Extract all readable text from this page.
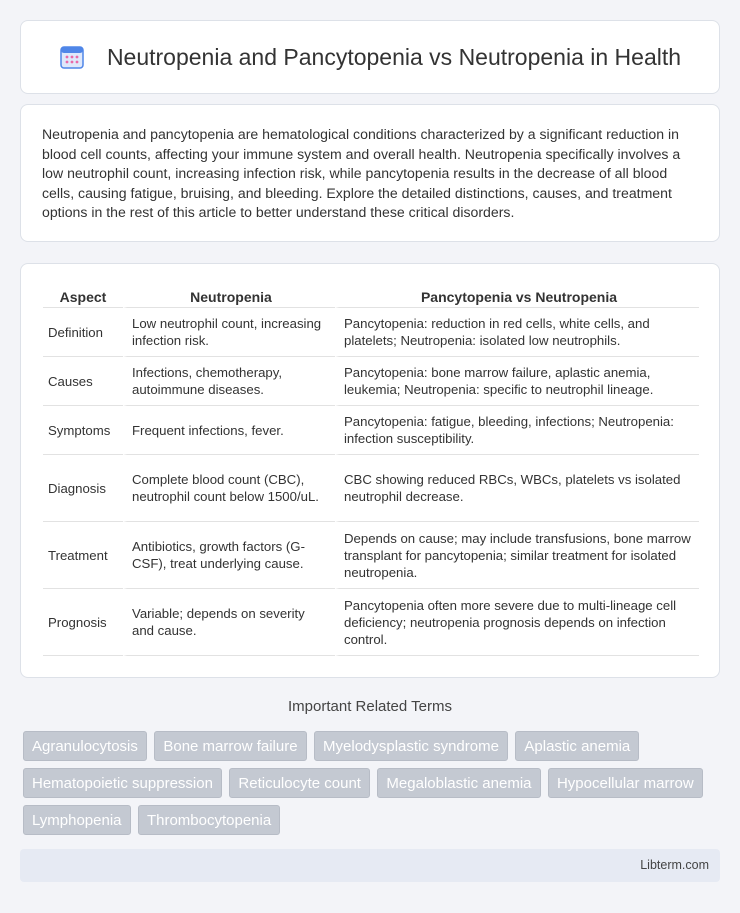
Neutropenia and Pancytopenia vs Neutropenia in Health

Neutropenia and pancytopenia are hematological conditions characterized by a significant reduction in blood cell counts, affecting your immune system and overall health. Neutropenia specifically involves a low neutrophil count, increasing infection risk, while pancytopenia results in the decrease of all blood cells, causing fatigue, bruising, and bleeding. Explore the detailed distinctions, causes, and treatment options in the rest of this article to better understand these critical disorders.

Aspect	Neutropenia	Pancytopenia vs Neutropenia
Definition	Low neutrophil count, increasing infection risk.	Pancytopenia: reduction in red cells, white cells, and platelets; Neutropenia: isolated low neutrophils.
Causes	Infections, chemotherapy, autoimmune diseases.	Pancytopenia: bone marrow failure, aplastic anemia, leukemia; Neutropenia: specific to neutrophil lineage.
Symptoms	Frequent infections, fever.	Pancytopenia: fatigue, bleeding, infections; Neutropenia: infection susceptibility.
Diagnosis	Complete blood count (CBC), neutrophil count below 1500/uL.	CBC showing reduced RBCs, WBCs, platelets vs isolated neutrophil decrease.
Treatment	Antibiotics, growth factors (G-CSF), treat underlying cause.	Depends on cause; may include transfusions, bone marrow transplant for pancytopenia; similar treatment for isolated neutropenia.
Prognosis	Variable; depends on severity and cause.	Pancytopenia often more severe due to multi-lineage cell deficiency; neutropenia prognosis depends on infection control.
Important Related Terms
Agranulocytosis Bone marrow failure Myelodysplastic syndrome Aplastic anemia Hematopoietic suppression Reticulocyte count Megaloblastic anemia Hypocellular marrow Lymphopenia Thrombocytopenia
Libterm.com
